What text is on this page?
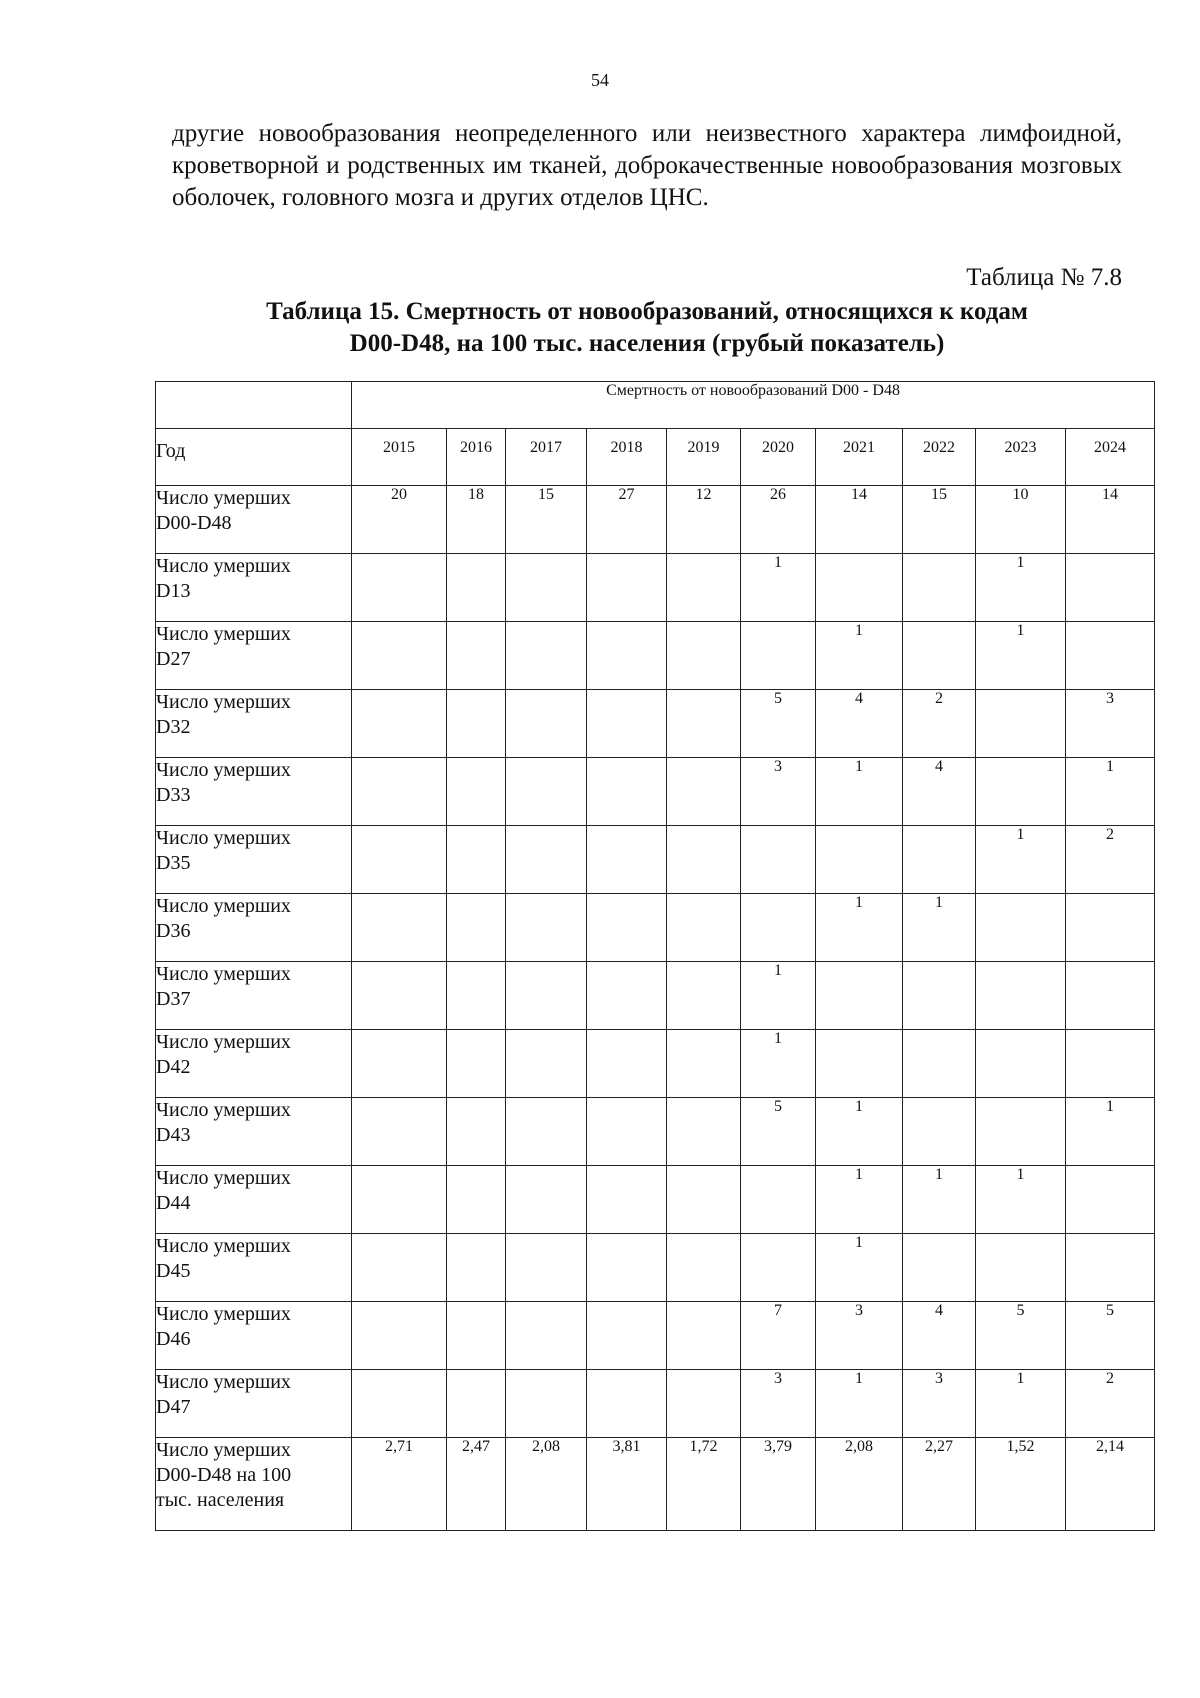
54

другие новообразования неопределенного или неизвестного характера лимфоидной, кроветворной и родственных им тканей, доброкачественные новообразования мозговых оболочек, головного мозга и других отделов ЦНС.

Таблица № 7.8
Таблица 15. Смертность от новообразований, относящихся к кодам
D00-D48, на 100 тыс. населения (грубый показатель)
	Смертность от новообразований D00 - D48									
Год	2015	2016	2017	2018	2019	2020	2021	2022	2023	2024

Число умерших
D00-D48	20	18	15	27	12	26	14	15	10	14

Число умерших
D13						1			1	

Число умерших
D27							1		1	

Число умерших
D32						5	4	2		3

Число умерших
D33						3	1	4		1

Число умерших
D35									1	2

Число умерших
D36							1	1		

Число умерших
D37						1				

Число умерших
D42						1				

Число умерших
D43						5	1			1

Число умерших
D44							1	1	1	

Число умерших
D45							1			

Число умерших
D46						7	3	4	5	5

Число умерших
D47						3	1	3	1	2

Число умерших
D00-D48 на 100
тыс. населения	2,71	2,47	2,08	3,81	1,72	3,79	2,08	2,27	1,52	2,14
